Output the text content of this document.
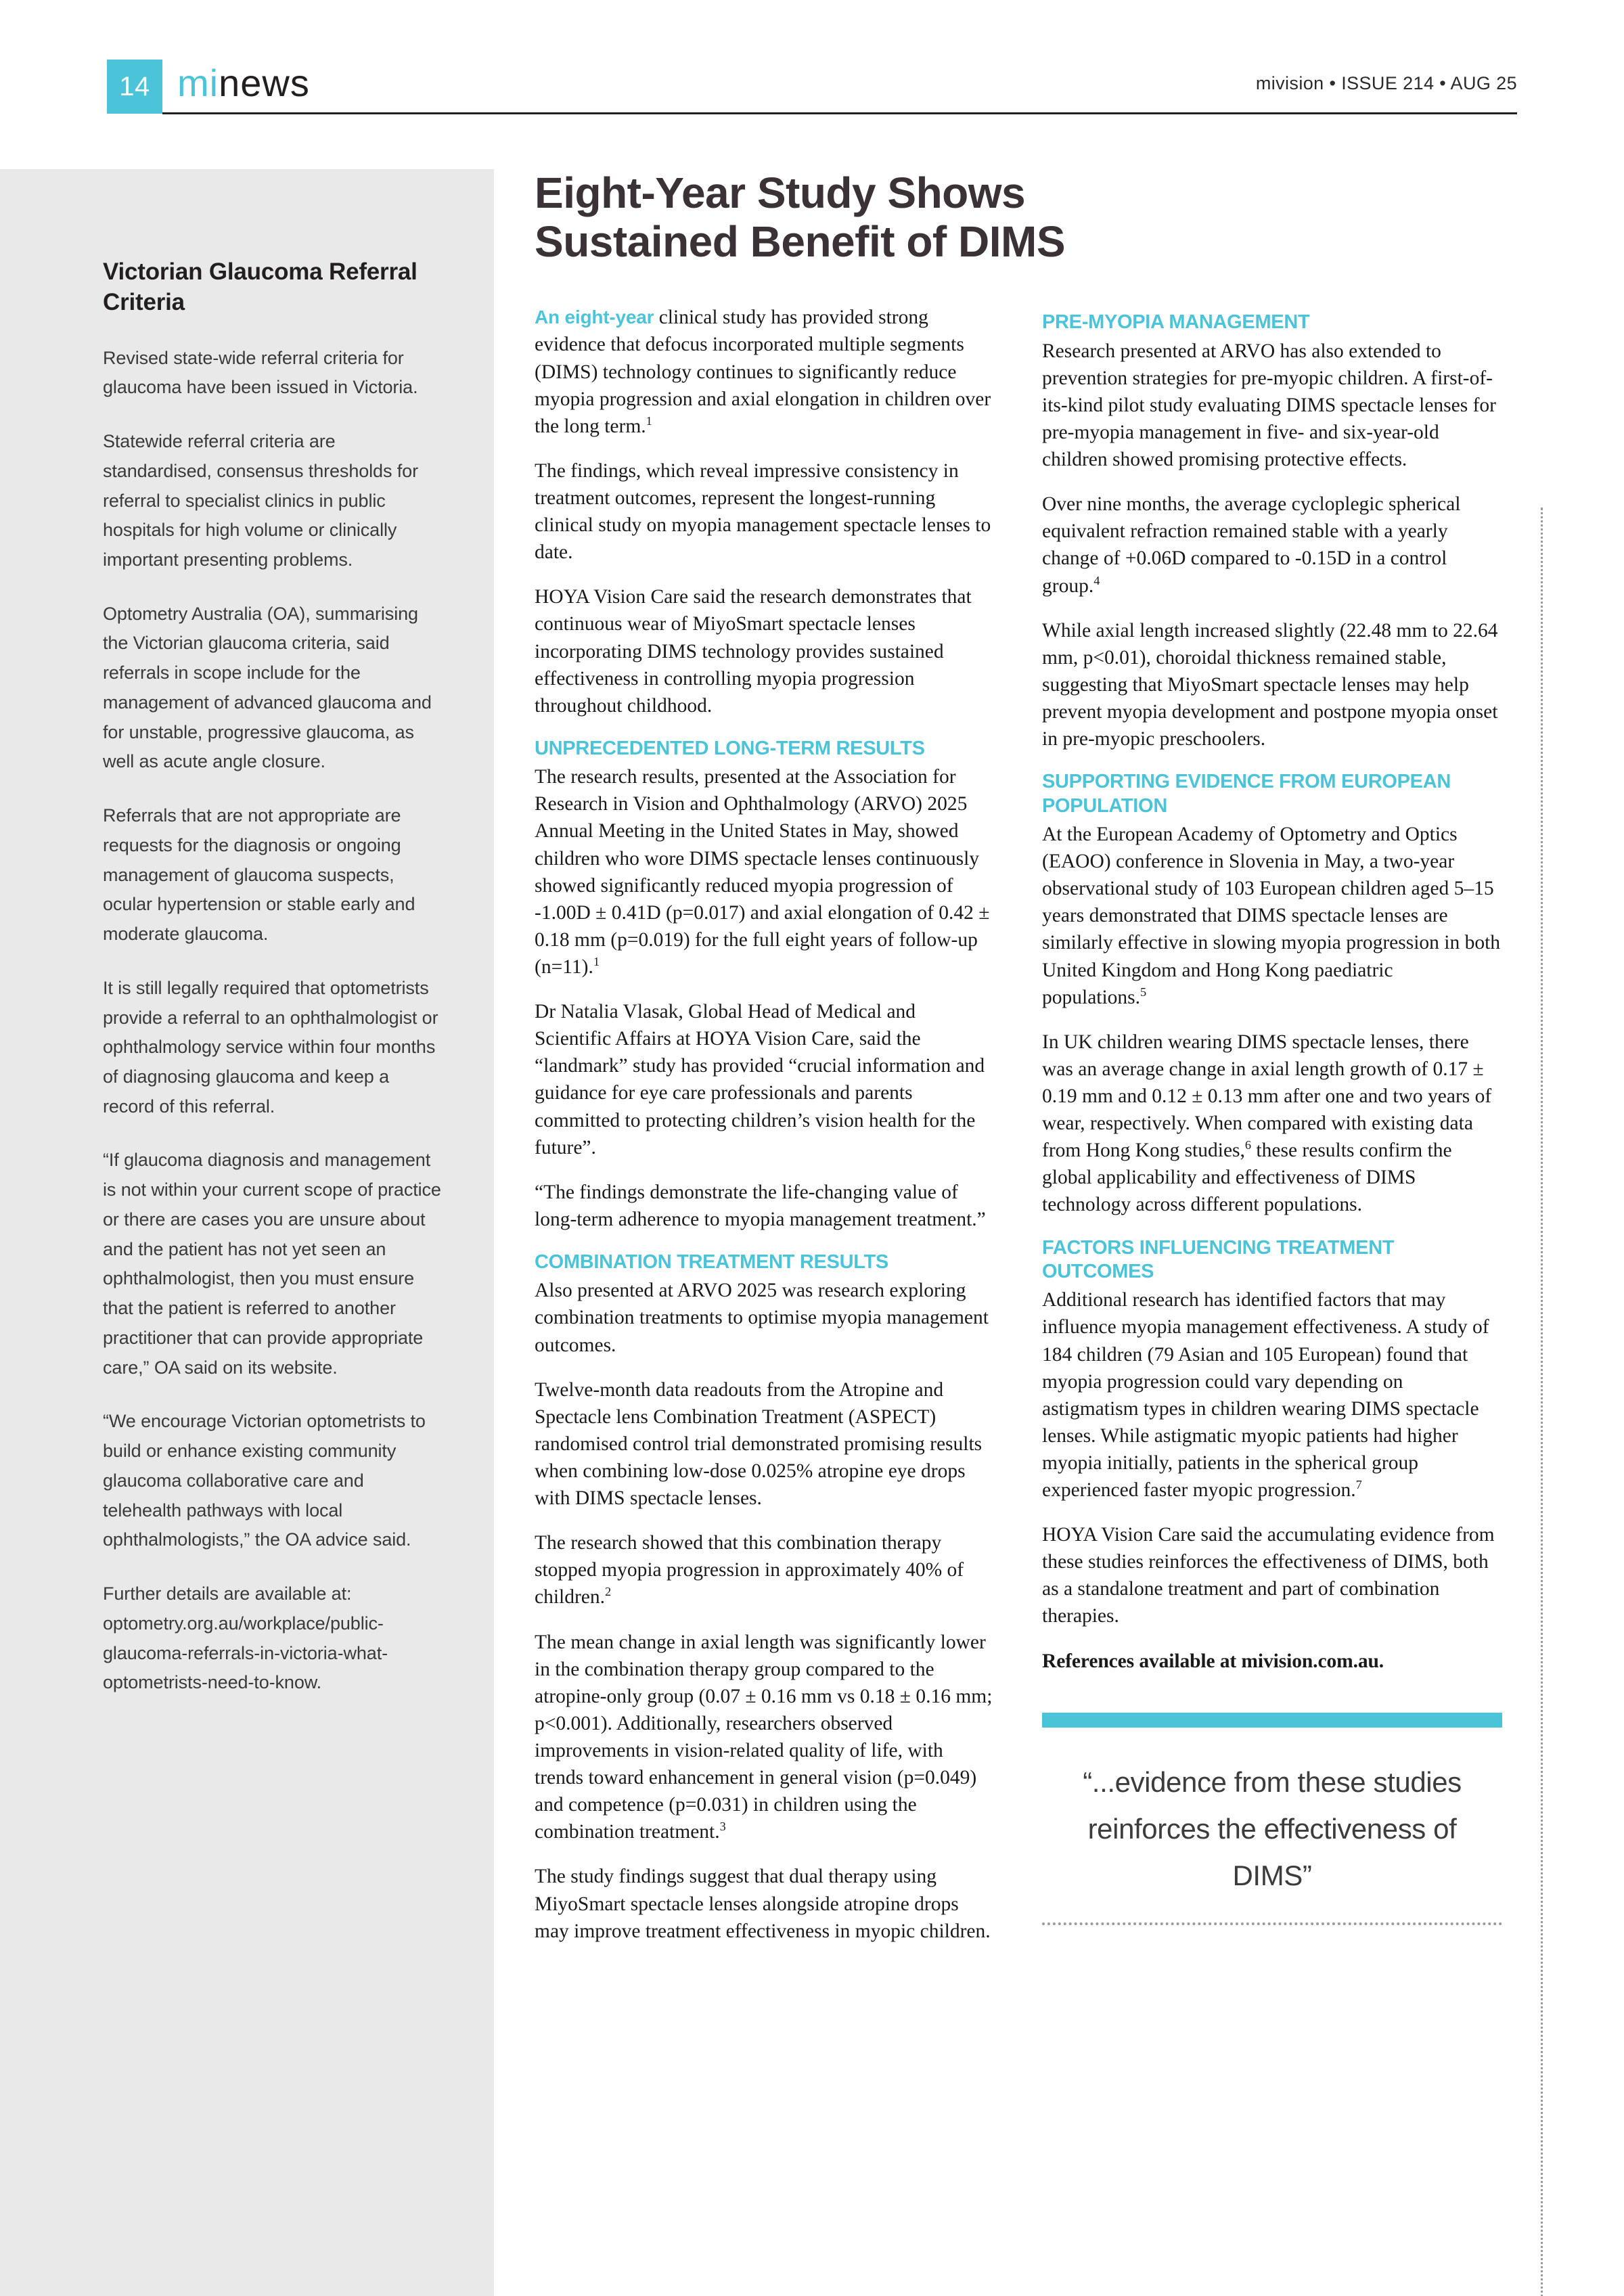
14 minews	mivision • ISSUE 214 • AUG 25
Victorian Glaucoma Referral Criteria

Revised state-wide referral criteria for glaucoma have been issued in Victoria.

Statewide referral criteria are standardised, consensus thresholds for referral to specialist clinics in public hospitals for high volume or clinically important presenting problems.

Optometry Australia (OA), summarising the Victorian glaucoma criteria, said referrals in scope include for the management of advanced glaucoma and for unstable, progressive glaucoma, as well as acute angle closure.

Referrals that are not appropriate are requests for the diagnosis or ongoing management of glaucoma suspects, ocular hypertension or stable early and moderate glaucoma.

It is still legally required that optometrists provide a referral to an ophthalmologist or ophthalmology service within four months of diagnosing glaucoma and keep a record of this referral.

“If glaucoma diagnosis and management is not within your current scope of practice or there are cases you are unsure about and the patient has not yet seen an ophthalmologist, then you must ensure that the patient is referred to another practitioner that can provide appropriate care,” OA said on its website.

“We encourage Victorian optometrists to build or enhance existing community glaucoma collaborative care and telehealth pathways with local ophthalmologists,” the OA advice said.

Further details are available at: optometry.org.au/workplace/public-glaucoma-referrals-in-victoria-what-optometrists-need-to-know.

Eight-Year Study Shows Sustained Benefit of DIMS

An eight-year clinical study has provided strong evidence that defocus incorporated multiple segments (DIMS) technology continues to significantly reduce myopia progression and axial elongation in children over the long term.$^1$

The findings, which reveal impressive consistency in treatment outcomes, represent the longest-running clinical study on myopia management spectacle lenses to date.

HOYA Vision Care said the research demonstrates that continuous wear of MiyoSmart spectacle lenses incorporating DIMS technology provides sustained effectiveness in controlling myopia progression throughout childhood.

UNPRECEDENTED LONG-TERM RESULTS

The research results, presented at the Association for Research in Vision and Ophthalmology (ARVO) 2025 Annual Meeting in the United States in May, showed children who wore DIMS spectacle lenses continuously showed significantly reduced myopia progression of -1.00D ± 0.41D (p=0.017) and axial elongation of 0.42 ± 0.18 mm (p=0.019) for the full eight years of follow-up (n=11).$^1$

Dr Natalia Vlasak, Global Head of Medical and Scientific Affairs at HOYA Vision Care, said the “landmark” study has provided “crucial information and guidance for eye care professionals and parents committed to protecting children’s vision health for the future”.

“The findings demonstrate the life-changing value of long-term adherence to myopia management treatment.”

COMBINATION TREATMENT RESULTS

Also presented at ARVO 2025 was research exploring combination treatments to optimise myopia management outcomes.

Twelve-month data readouts from the Atropine and Spectacle lens Combination Treatment (ASPECT) randomised control trial demonstrated promising results when combining low-dose 0.025% atropine eye drops with DIMS spectacle lenses.

The research showed that this combination therapy stopped myopia progression in approximately 40% of children.$^2$

The mean change in axial length was significantly lower in the combination therapy group compared to the atropine-only group (0.07 ± 0.16 mm vs 0.18 ± 0.16 mm; p<0.001). Additionally, researchers observed improvements in vision-related quality of life, with trends toward enhancement in general vision (p=0.049) and competence (p=0.031) in children using the combination treatment.$^3$

The study findings suggest that dual therapy using MiyoSmart spectacle lenses alongside atropine drops may improve treatment effectiveness in myopic children.

PRE-MYOPIA MANAGEMENT

Research presented at ARVO has also extended to prevention strategies for pre-myopic children. A first-of-its-kind pilot study evaluating DIMS spectacle lenses for pre-myopia management in five- and six-year-old children showed promising protective effects.

Over nine months, the average cycloplegic spherical equivalent refraction remained stable with a yearly change of +0.06D compared to -0.15D in a control group.$^4$

While axial length increased slightly (22.48 mm to 22.64 mm, p<0.01), choroidal thickness remained stable, suggesting that MiyoSmart spectacle lenses may help prevent myopia development and postpone myopia onset in pre-myopic preschoolers.

SUPPORTING EVIDENCE FROM EUROPEAN POPULATION

At the European Academy of Optometry and Optics (EAOO) conference in Slovenia in May, a two-year observational study of 103 European children aged 5–15 years demonstrated that DIMS spectacle lenses are similarly effective in slowing myopia progression in both United Kingdom and Hong Kong paediatric populations.$^5$

In UK children wearing DIMS spectacle lenses, there was an average change in axial length growth of 0.17 ± 0.19 mm and 0.12 ± 0.13 mm after one and two years of wear, respectively. When compared with existing data from Hong Kong studies,$^6$ these results confirm the global applicability and effectiveness of DIMS technology across different populations.

FACTORS INFLUENCING TREATMENT OUTCOMES

Additional research has identified factors that may influence myopia management effectiveness. A study of 184 children (79 Asian and 105 European) found that myopia progression could vary depending on astigmatism types in children wearing DIMS spectacle lenses. While astigmatic myopic patients had higher myopia initially, patients in the spherical group experienced faster myopic progression.$^7$

HOYA Vision Care said the accumulating evidence from these studies reinforces the effectiveness of DIMS, both as a standalone treatment and part of combination therapies.

References available at mivision.com.au.

“...evidence from these studies reinforces the effectiveness of DIMS”
